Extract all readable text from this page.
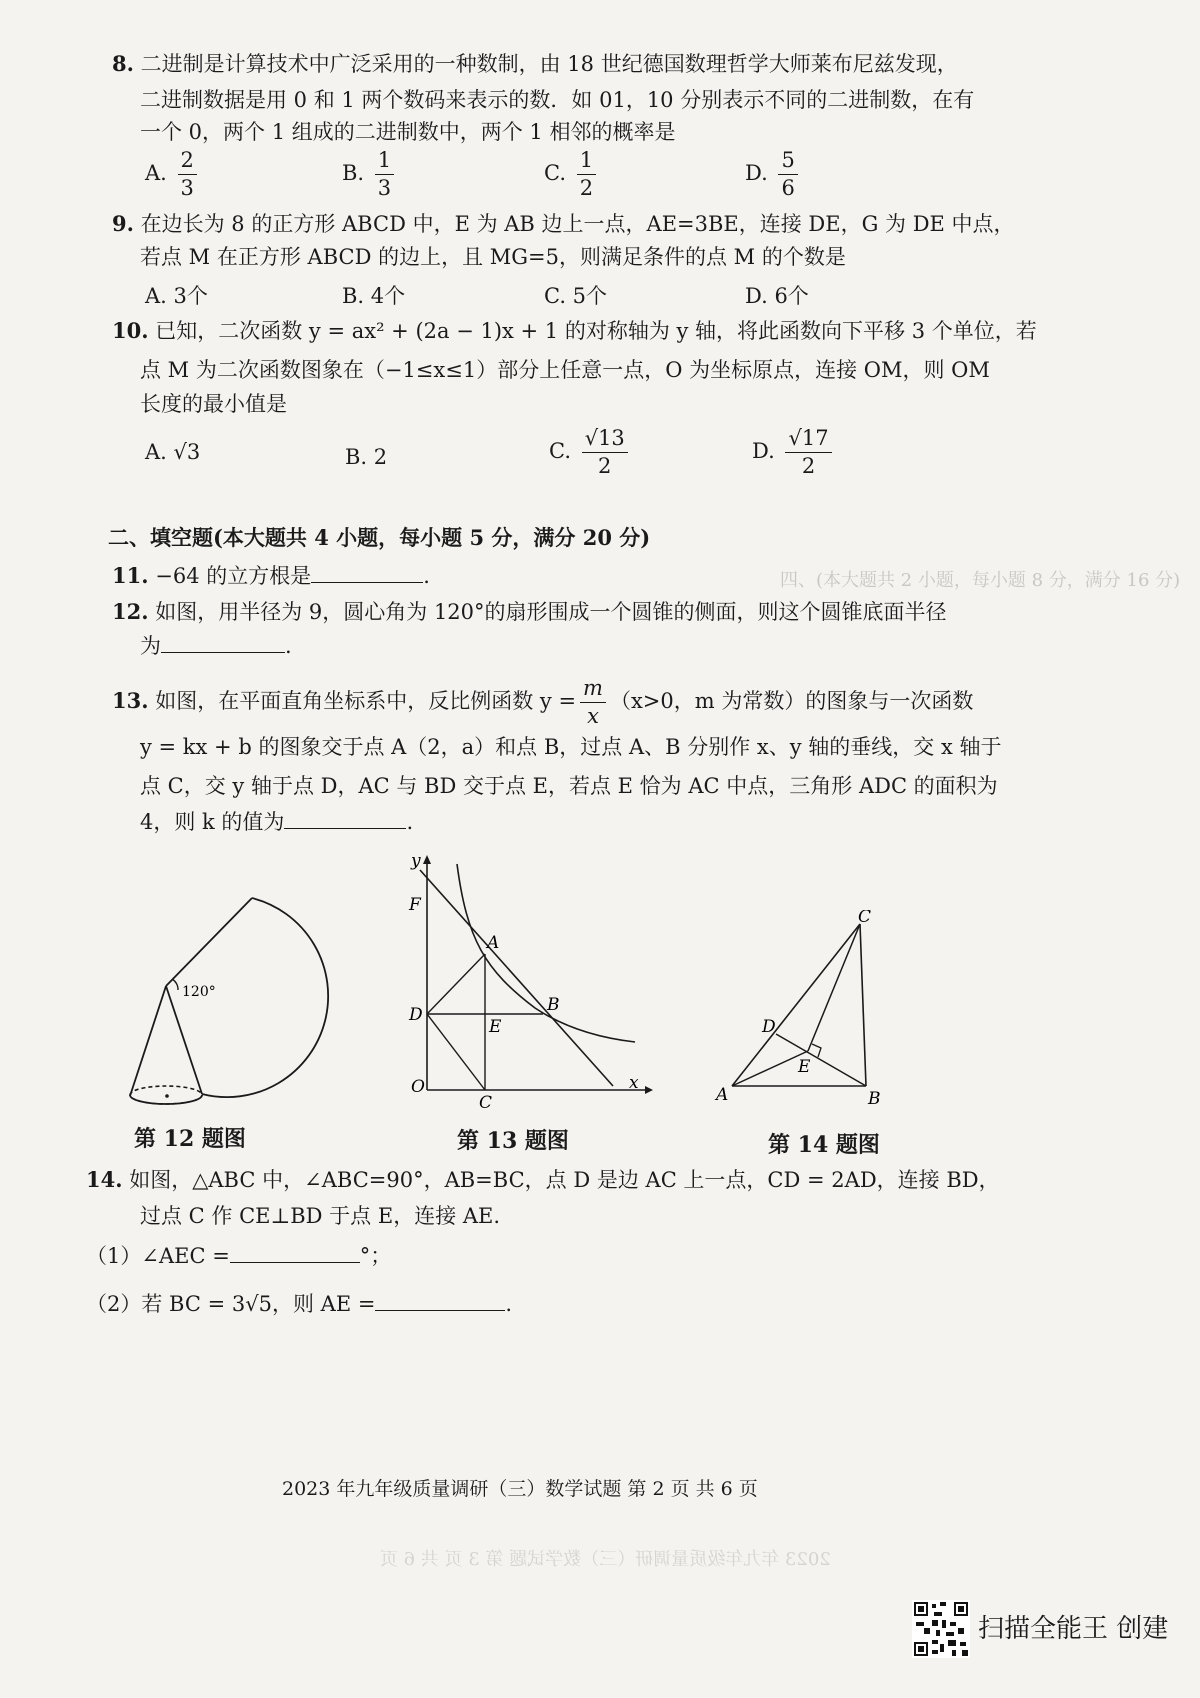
四、(本大题共 2 小题，每小题 8 分，满分 16 分)
2023 年九年级质量调研（三）数学试题 第 3 页 共 6 页
8. 二进制是计算技术中广泛采用的一种数制，由 18 世纪德国数理哲学大师莱布尼兹发现，
二进制数据是用 0 和 1 两个数码来表示的数．如 01，10 分别表示不同的二进制数，在有
一个 0，两个 1 组成的二进制数中，两个 1 相邻的概率是
A. $\frac{2}{3}$	B. $\frac{1}{3}$	C. $\frac{1}{2}$	D. $\frac{5}{6}$
9. 在边长为 8 的正方形 ABCD 中，E 为 AB 边上一点，AE=3BE，连接 DE，G 为 DE 中点，
若点 M 在正方形 ABCD 的边上，且 MG=5，则满足条件的点 M 的个数是
A. 3个	B. 4个	C. 5个	D. 6个
10. 已知，二次函数 y = ax² + (2a − 1)x + 1 的对称轴为 y 轴，将此函数向下平移 3 个单位，若
点 M 为二次函数图象在（−1≤x≤1）部分上任意一点，O 为坐标原点，连接 OM，则 OM
长度的最小值是
A. √3	B. 2	C. $\frac{√13}{2}$	D. $\frac{√17}{2}$
二、填空题(本大题共 4 小题，每小题 5 分，满分 20 分)
11. −64 的立方根是	.
12. 如图，用半径为 9，圆心角为 120°的扇形围成一个圆锥的侧面，则这个圆锥底面半径
为	.
13. 如图，在平面直角坐标系中，反比例函数 $y = \frac{m}{x} (x>0$，m 为常数）的图象与一次函数
y = kx + b 的图象交于点 A（2，a）和点 B，过点 A、B 分别作 x、y 轴的垂线，交 x 轴于
点 C，交 y 轴于点 D，AC 与 BD 交于点 E，若点 E 恰为 AC 中点，三角形 ADC 的面积为
4，则 k 的值为	.
120°
y
x
F
A
B
D
E
O
C	A	B
C
D
E
第 12 题图	第 13 题图	第 14 题图
14. 如图，△ABC 中，∠ABC=90°，AB=BC，点 D 是边 AC 上一点，CD = 2AD，连接 BD，
过点 C 作 CE⊥BD 于点 E，连接 AE.
（1）∠AEC =	°；
（2）若 BC = 3√5，则 AE =	.
2023 年九年级质量调研（三）数学试题 第 2 页 共 6 页
扫描全能王 创建
